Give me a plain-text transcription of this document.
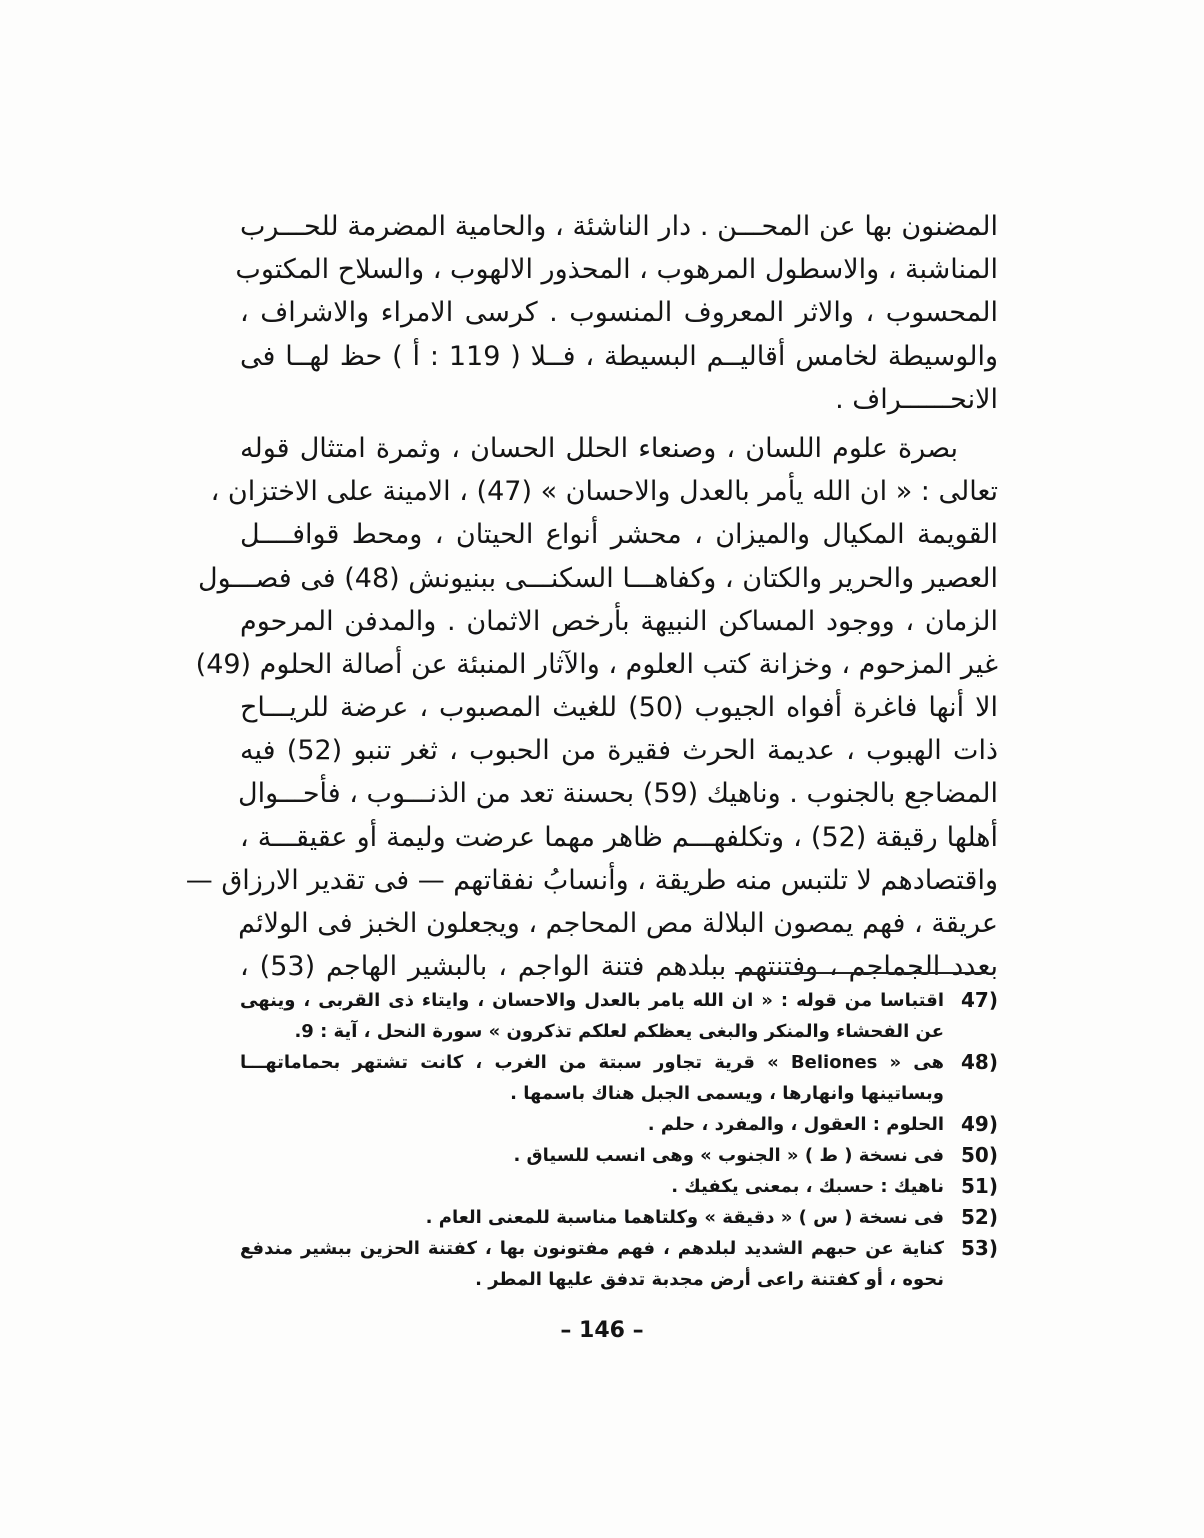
المضنون بها عن المحـــن . دار الناشئة ، والحامية المضرمة للحـــرب
المناشبة ، والاسطول المرهوب ، المحذور الالهوب ، والسلاح المكتوب
المحسوب ، والاثر المعروف المنسوب . كرسى الامراء والاشراف ،
والوسيطة لخامس أقاليــم البسيطة ، فــلا ( 119 : أ ) حظ لهــا فى
الانحــــــراف .
بصرة علوم اللسان ، وصنعاء الحلل الحسان ، وثمرة امتثال قوله
تعالى : « ان الله يأمر بالعدل والاحسان » (47) ، الامينة على الاختزان ،
القويمة المكيال والميزان ، محشر أنواع الحيتان ، ومحط قوافــــل
العصير والحرير والكتان ، وكفاهـــا السكنـــى ببنيونش (48) فى فصـــول
الزمان ، ووجود المساكن النبيهة بأرخص الاثمان . والمدفن المرحوم
غير المزحوم ، وخزانة كتب العلوم ، والآثار المنبئة عن أصالة الحلوم (49)
الا أنها فاغرة أفواه الجيوب (50) للغيث المصبوب ، عرضة للريـــاح
ذات الهبوب ، عديمة الحرث فقيرة من الحبوب ، ثغر تنبو (52) فيه
المضاجع بالجنوب . وناهيك (59) بحسنة تعد من الذنـــوب ، فأحـــوال
أهلها رقيقة (52) ، وتكلفهـــم ظاهر مهما عرضت وليمة أو عقيقـــة ،
واقتصادهم لا تلتبس منه طريقة ، وأنسابُ نفقاتهم — فى تقدير الارزاق —
عريقة ، فهم يمصون البلالة مص المحاجم ، ويجعلون الخبز فى الولائم
بعدد الجماجم ، وفتنتهم ببلدهم فتنة الواجم ، بالبشير الهاجم (53) ،
47)
اقتباسا من قوله : « ان الله يامر بالعدل والاحسان ، وايتاء ذى القربى ، وينهى
عن الفحشاء والمنكر والبغى يعظكم لعلكم تذكرون » سورة النحل ، آية : 9.
48)
هى « Beliones » قرية تجاور سبتة من الغرب ، كانت تشتهر بحماماتهـــا
وبساتينها وانهارها ، ويسمى الجبل هناك باسمها .
49)
الحلوم : العقول ، والمفرد ، حلم .
50)
فى نسخة ( ط ) « الجنوب » وهى انسب للسياق .
51)
ناهيك : حسبك ، بمعنى يكفيك .
52)
فى نسخة ( س ) « دقيقة » وكلتاهما مناسبة للمعنى العام .
53)
كناية عن حبهم الشديد لبلدهم ، فهم مفتونون بها ، كفتنة الحزين ببشير مندفع
نحوه ، أو كفتنة راعى أرض مجدبة تدفق عليها المطر .
– 146 –
